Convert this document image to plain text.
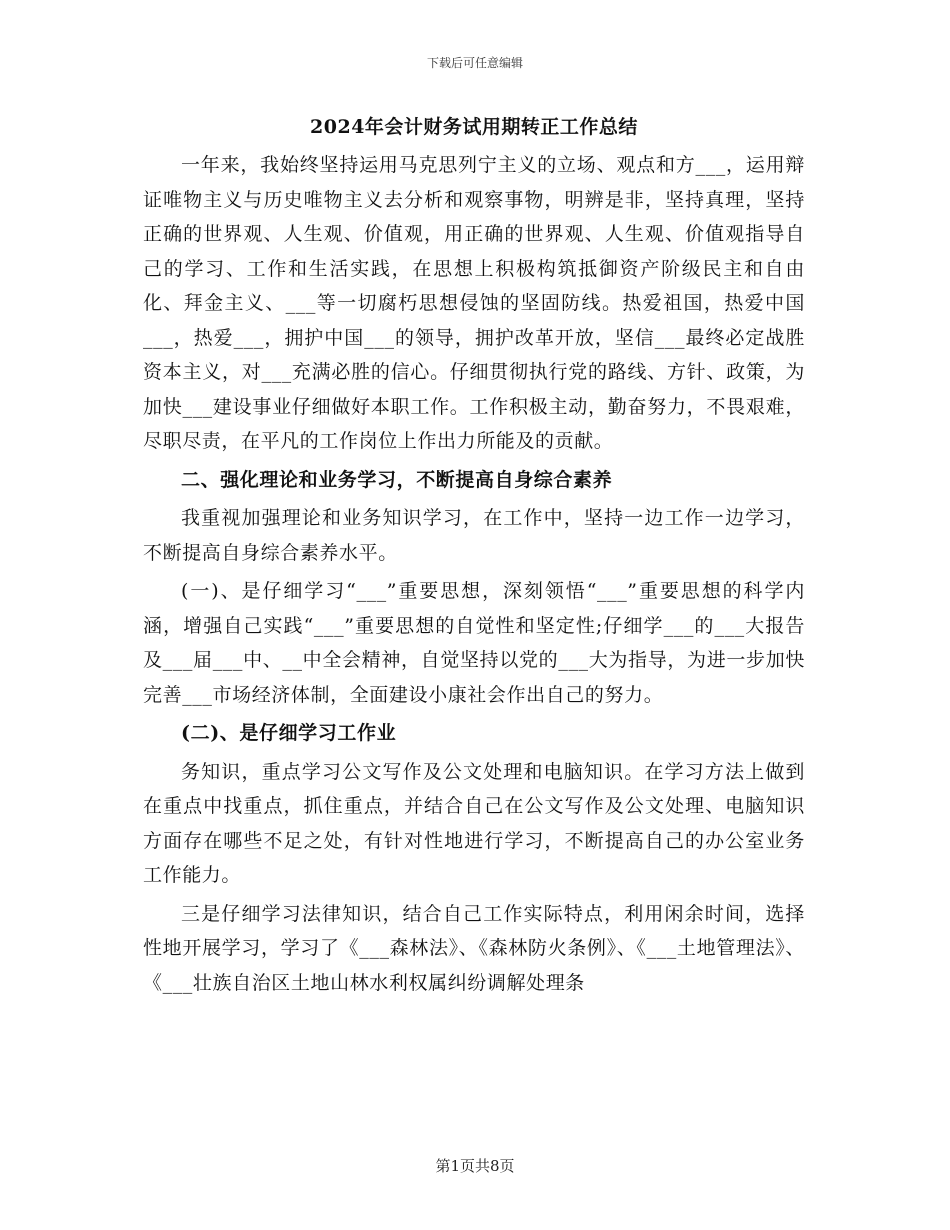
下载后可任意编辑
2024年会计财务试用期转正工作总结

一年来，我始终坚持运用马克思列宁主义的立场、观点和方___，运用辩证唯物主义与历史唯物主义去分析和观察事物，明辨是非，坚持真理，坚持正确的世界观、人生观、价值观，用正确的世界观、人生观、价值观指导自己的学习、工作和生活实践，在思想上积极构筑抵御资产阶级民主和自由化、拜金主义、___等一切腐朽思想侵蚀的坚固防线。热爱祖国，热爱中国___，热爱___，拥护中国___的领导，拥护改革开放，坚信___最终必定战胜资本主义，对___充满必胜的信心。仔细贯彻执行党的路线、方针、政策，为加快___建设事业仔细做好本职工作。工作积极主动，勤奋努力，不畏艰难，尽职尽责，在平凡的工作岗位上作出力所能及的贡献。

二、强化理论和业务学习，不断提高自身综合素养

我重视加强理论和业务知识学习，在工作中，坚持一边工作一边学习，不断提高自身综合素养水平。

(一)、是仔细学习“___”重要思想，深刻领悟“___”重要思想的科学内涵，增强自己实践“___”重要思想的自觉性和坚定性;仔细学___的___大报告及___届___中、__中全会精神，自觉坚持以党的___大为指导，为进一步加快完善___市场经济体制，全面建设小康社会作出自己的努力。

(二)、是仔细学习工作业

务知识，重点学习公文写作及公文处理和电脑知识。在学习方法上做到在重点中找重点，抓住重点，并结合自己在公文写作及公文处理、电脑知识方面存在哪些不足之处，有针对性地进行学习，不断提高自己的办公室业务工作能力。

三是仔细学习法律知识，结合自己工作实际特点，利用闲余时间，选择性地开展学习，学习了《___森林法》、《森林防火条例》、《___土地管理法》、《___壮族自治区土地山林水利权属纠纷调解处理条

第1页共8页
